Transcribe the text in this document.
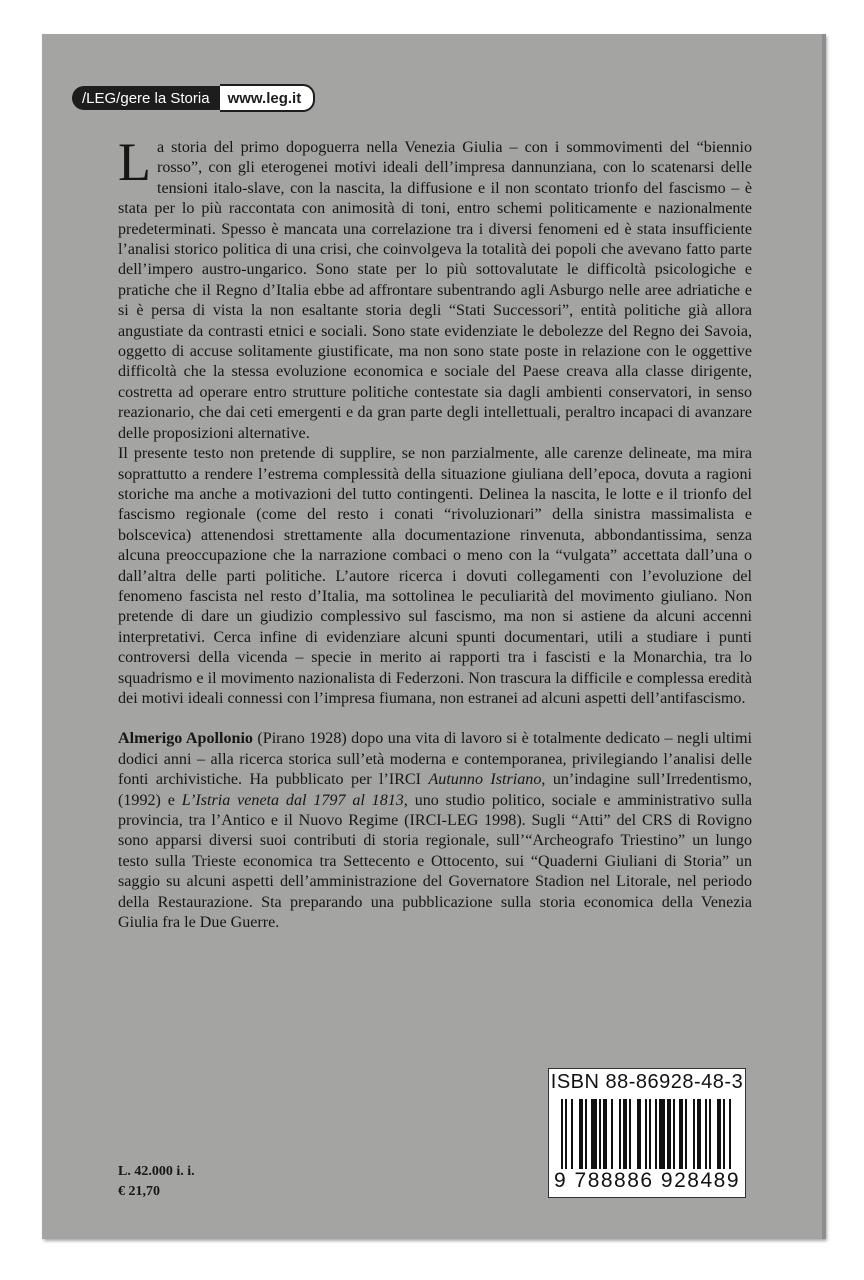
/LEG/gere la Storia	www.leg.it

La storia del primo dopoguerra nella Venezia Giulia – con i sommovimenti del “biennio rosso”, con gli eterogenei motivi ideali dell’impresa dannunziana, con lo scatenarsi delle tensioni italo-slave, con la nascita, la diffusione e il non scontato trionfo del fascismo – è stata per lo più raccontata con animosità di toni, entro schemi politicamente e nazionalmente predeterminati. Spesso è mancata una correlazione tra i diversi fenomeni ed è stata insufficiente l’analisi storico politica di una crisi, che coinvolgeva la totalità dei popoli che avevano fatto parte dell’impero austro-ungarico. Sono state per lo più sottovalutate le difficoltà psicologiche e pratiche che il Regno d’Italia ebbe ad affrontare subentrando agli Asburgo nelle aree adriatiche e si è persa di vista la non esaltante storia degli “Stati Successori”, entità politiche già allora angustiate da contrasti etnici e sociali. Sono state evidenziate le debolezze del Regno dei Savoia, oggetto di accuse solitamente giustificate, ma non sono state poste in relazione con le oggettive difficoltà che la stessa evoluzione economica e sociale del Paese creava alla classe dirigente, costretta ad operare entro strutture politiche contestate sia dagli ambienti conservatori, in senso reazionario, che dai ceti emergenti e da gran parte degli intellettuali, peraltro incapaci di avanzare delle proposizioni alternative.

Il presente testo non pretende di supplire, se non parzialmente, alle carenze delineate, ma mira soprattutto a rendere l’estrema complessità della situazione giuliana dell’epoca, dovuta a ragioni storiche ma anche a motivazioni del tutto contingenti. Delinea la nascita, le lotte e il trionfo del fascismo regionale (come del resto i conati “rivoluzionari” della sinistra massimalista e bolscevica) attenendosi strettamente alla documentazione rinvenuta, abbondantissima, senza alcuna preoccupazione che la narrazione combaci o meno con la “vulgata” accettata dall’una o dall’altra delle parti politiche. L’autore ricerca i dovuti collegamenti con l’evoluzione del fenomeno fascista nel resto d’Italia, ma sottolinea le peculiarità del movimento giuliano. Non pretende di dare un giudizio complessivo sul fascismo, ma non si astiene da alcuni accenni interpretativi. Cerca infine di evidenziare alcuni spunti documentari, utili a studiare i punti controversi della vicenda – specie in merito ai rapporti tra i fascisti e la Monarchia, tra lo squadrismo e il movimento nazionalista di Federzoni. Non trascura la difficile e complessa eredità dei motivi ideali connessi con l’impresa fiumana, non estranei ad alcuni aspetti dell’antifascismo.

Almerigo Apollonio (Pirano 1928) dopo una vita di lavoro si è totalmente dedicato – negli ultimi dodici anni – alla ricerca storica sull’età moderna e contemporanea, privilegiando l’analisi delle fonti archivistiche. Ha pubblicato per l’IRCI Autunno Istriano, un’indagine sull’Irredentismo, (1992) e L’Istria veneta dal 1797 al 1813, uno studio politico, sociale e amministrativo sulla provincia, tra l’Antico e il Nuovo Regime (IRCI-LEG 1998). Sugli “Atti” del CRS di Rovigno sono apparsi diversi suoi contributi di storia regionale, sull’“Archeografo Triestino” un lungo testo sulla Trieste economica tra Settecento e Ottocento, sui “Quaderni Giuliani di Storia” un saggio su alcuni aspetti dell’amministrazione del Governatore Stadion nel Litorale, nel periodo della Restaurazione. Sta preparando una pubblicazione sulla storia economica della Venezia Giulia fra le Due Guerre.

L. 42.000 i. i.
€ 21,70
ISBN 88-86928-48-3
9 788886 928489
